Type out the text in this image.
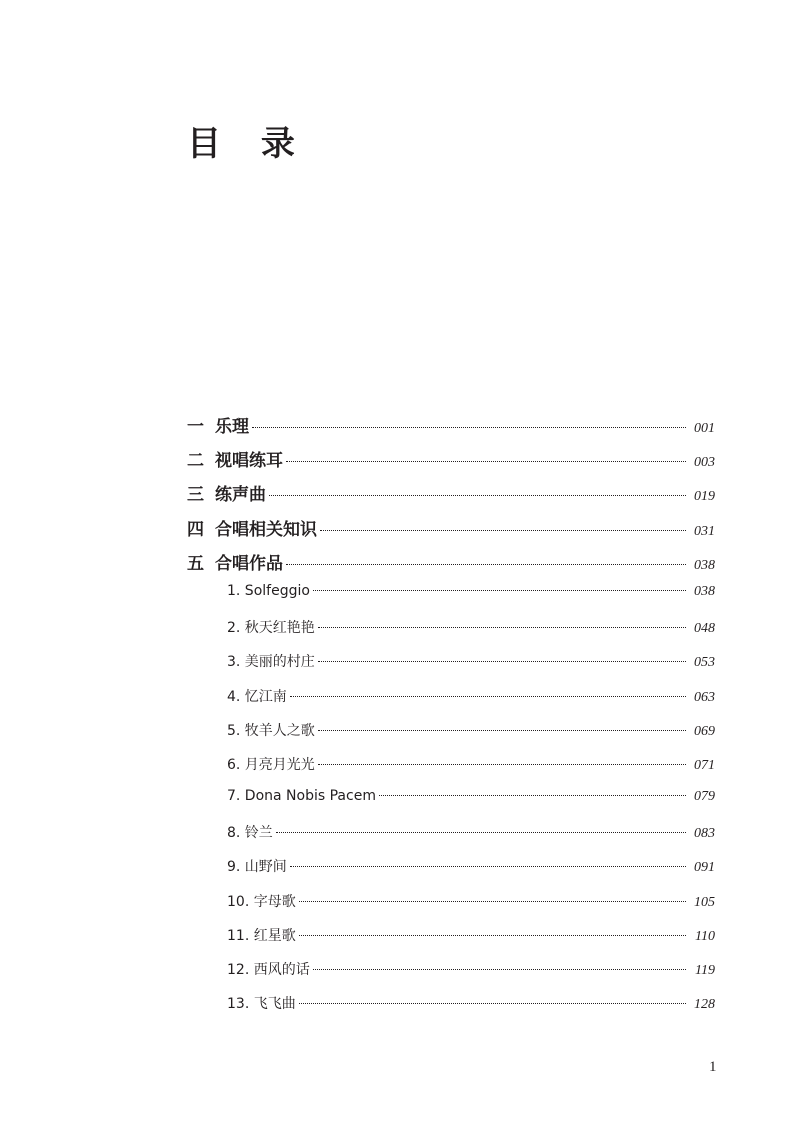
目 录
一 乐理	001
二 视唱练耳	003
三 练声曲	019
四 合唱相关知识	031
五 合唱作品	038
1. Solfeggio	038
2. 秋天红艳艳	048
3. 美丽的村庄	053
4. 忆江南	063
5. 牧羊人之歌	069
6. 月亮月光光	071
7. Dona Nobis Pacem	079
8. 铃兰	083
9. 山野间	091
10. 字母歌	105
11. 红星歌	110
12. 西风的话	119
13. 飞飞曲	128
1
